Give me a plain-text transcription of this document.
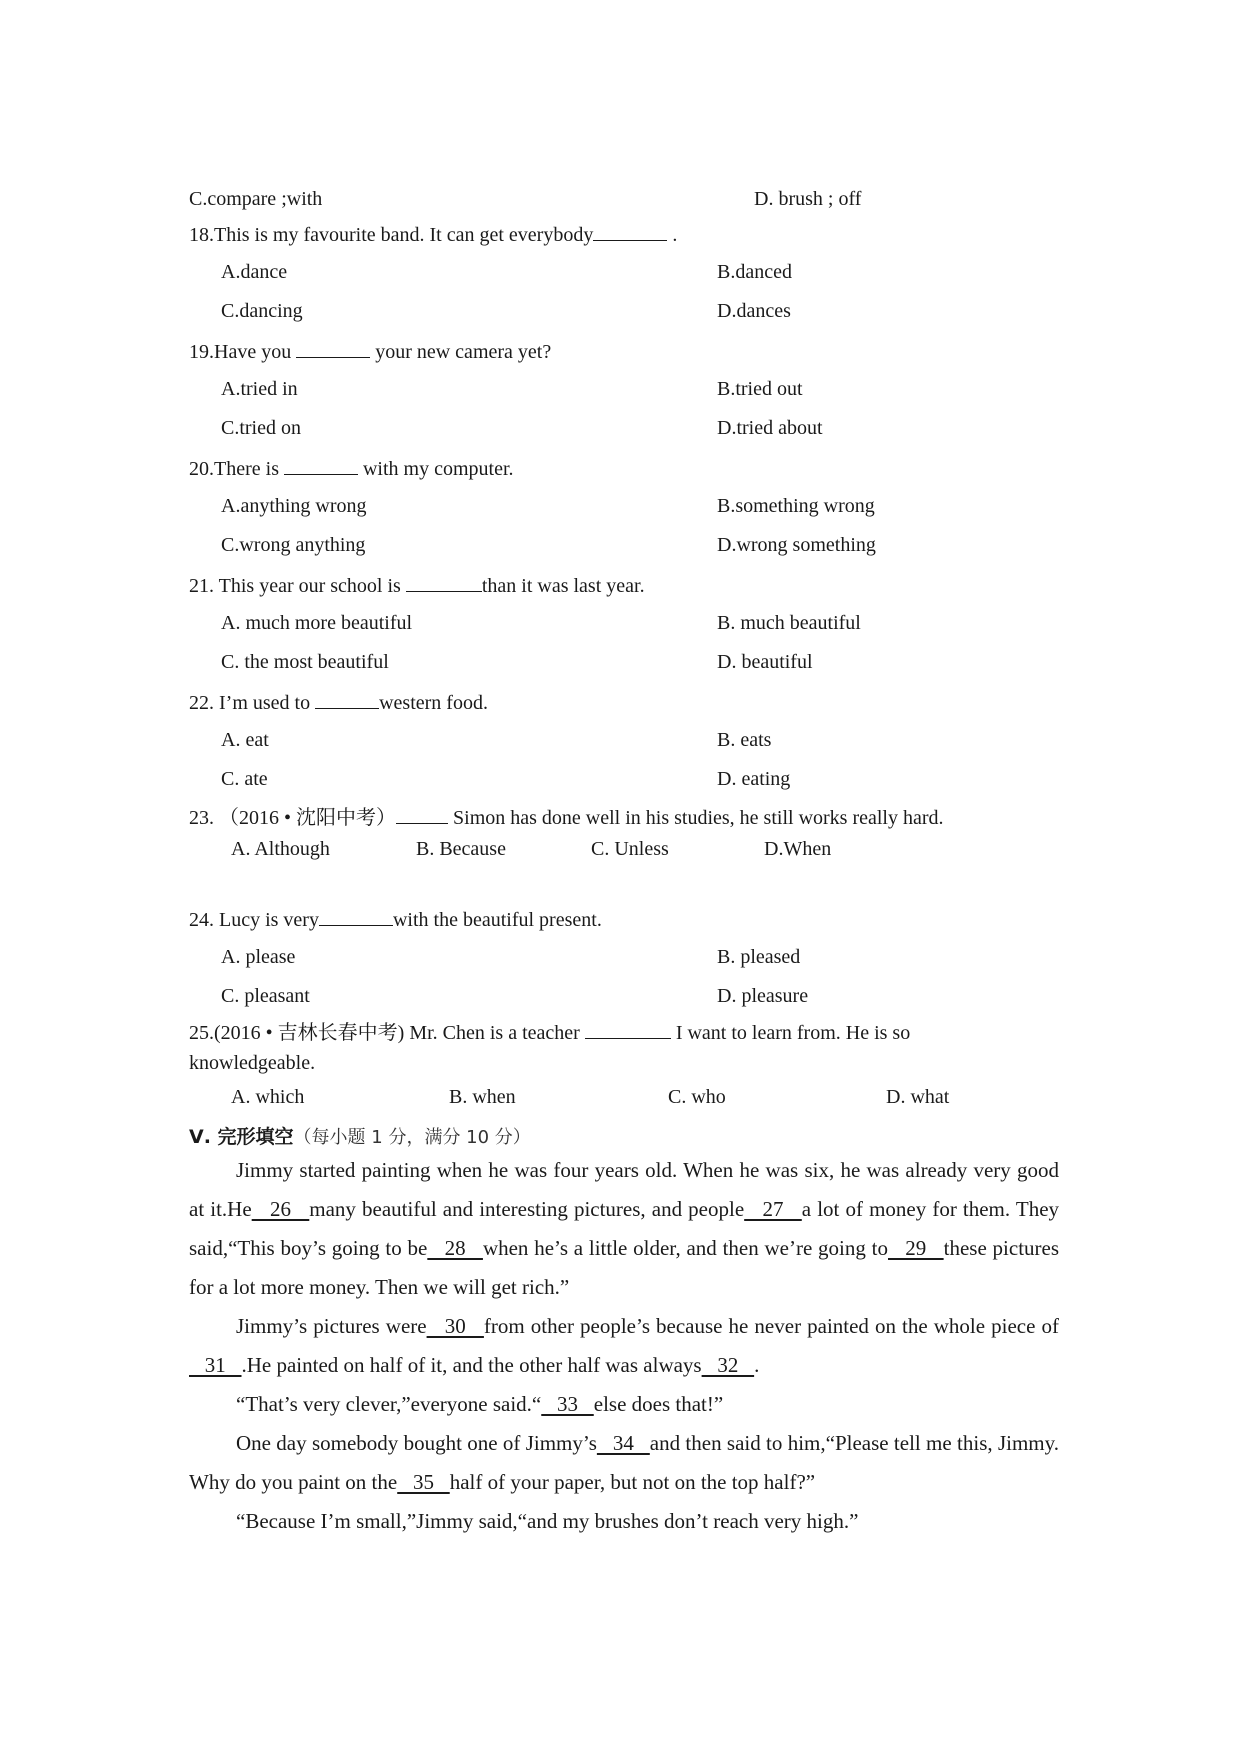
C.compare ;with	D. brush ; off
18.This is my favourite band. It can get everybody	.
A.dance	B.danced
C.dancing	D.dances
19.Have you	your new camera yet?
A.tried in	B.tried out
C.tried on	D.tried about
20.There is	with my computer.
A.anything wrong	B.something wrong
C.wrong anything	D.wrong something
21. This year our school is	than it was last year.
A. much more beautiful	B. much beautiful
C. the most beautiful	D. beautiful
22. I’m used to	western food.
A. eat	B. eats
C. ate	D. eating
23. （2016 • 沈阳中考）	Simon has done well in his studies, he still works really hard.
A. Although	B. Because	C. Unless	D.When
24. Lucy is very	with the beautiful present.
A. please	B. pleased
C. pleasant	D. pleasure
25.(2016 • 吉林长春中考) Mr. Chen is a teacher	I want to learn from. He is so
knowledgeable.
A. which	B. when	C. who	D. what
Ⅴ. 完形填空（每小题 1 分，满分 10 分）

Jimmy started painting when he was four years old. When he was six, he was already very good at it.He   26   many beautiful and interesting pictures, and people   27   a lot of money for them. They said,“This boy’s going to be   28   when he’s a little older, and then we’re going to   29   these pictures for a lot more money. Then we will get rich.”

Jimmy’s pictures were   30   from other people’s because he never painted on the whole piece of    31   .He painted on half of it, and the other half was always   32   .

“That’s very clever,”everyone said.“   33   else does that!”

One day somebody bought one of Jimmy’s   34   and then said to him,“Please tell me this, Jimmy. Why do you paint on the   35   half of your paper, but not on the top half?”

“Because I’m small,”Jimmy said,“and my brushes don’t reach very high.”
